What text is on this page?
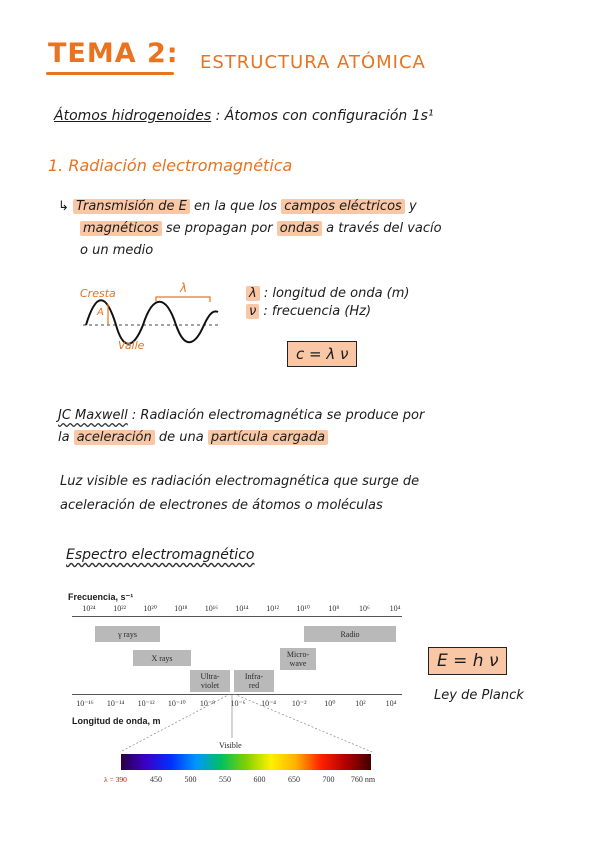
TEMA 2: ESTRUCTURA ATÓMICA
Átomos hidrogenoides : Átomos con configuración 1s¹
1. Radiación electromagnética
↳ Transmisión de E en la que los campos eléctricos y
magnéticos se propagan por ondas a través del vacío
o un medio
Cresta
A
λ
Valle
λ : longitud de onda (m)
ν : frecuencia (Hz)
c = λ ν
JC Maxwell : Radiación electromagnética se produce por
la aceleración de una partícula cargada
Luz visible es radiación electromagnética que surge de
aceleración de electrones de átomos o moléculas
Espectro electromagnético
Frecuencia, s⁻¹
Longitud de onda, m
10²⁴ 10²² 10²⁰ 10¹⁸ 10¹⁶ 10¹⁴ 10¹² 10¹⁰ 10⁸ 10⁶ 10⁴
10⁻¹⁶ 10⁻¹⁴ 10⁻¹² 10⁻¹⁰ 10⁻⁸ 10⁻⁶ 10⁻⁴ 10⁻² 10⁰ 10²	10⁴
γ rays
X rays
Ultra-
violet
Infra-
red
Micro-
wave
Radio
Visible
λ = 390	450	500	550	600	650	700 760 nm
E = h ν
Ley de Planck
